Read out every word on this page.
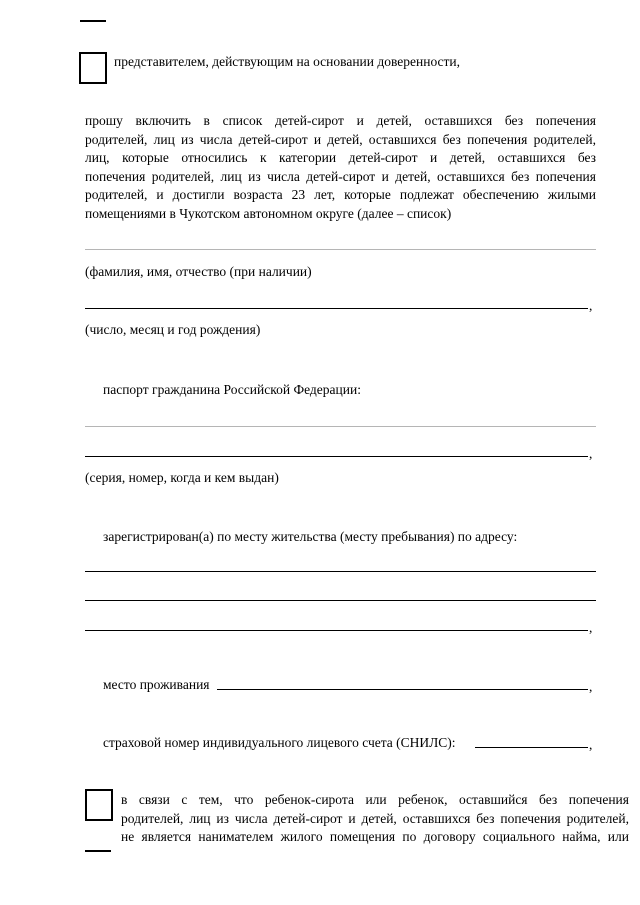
представителем, действующим на основании доверенности,
прошу включить в список детей-сирот и детей, оставшихся без попечения
родителей, лиц из числа детей-сирот и детей, оставшихся без попечения родителей,
лиц, которые относились к категории детей-сирот и детей, оставшихся без
попечения родителей, лиц из числа детей-сирот и детей, оставшихся без попечения
родителей, и достигли возраста 23 лет, которые подлежат обеспечению жилыми
помещениями в Чукотском автономном округе (далее – список)
(фамилия, имя, отчество (при наличии)
,
(число, месяц и год рождения)
паспорт гражданина Российской Федерации:
,
(серия, номер, когда и кем выдан)
зарегистрирован(а) по месту жительства (месту пребывания) по адресу:
,
место проживания	,
страховой номер индивидуального лицевого счета (СНИЛС):	,
в связи с тем, что ребенок-сирота или ребенок, оставшийся без попечения
родителей, лиц из числа детей-сирот и детей, оставшихся без попечения родителей,
не является нанимателем жилого помещения по договору социального найма, или
